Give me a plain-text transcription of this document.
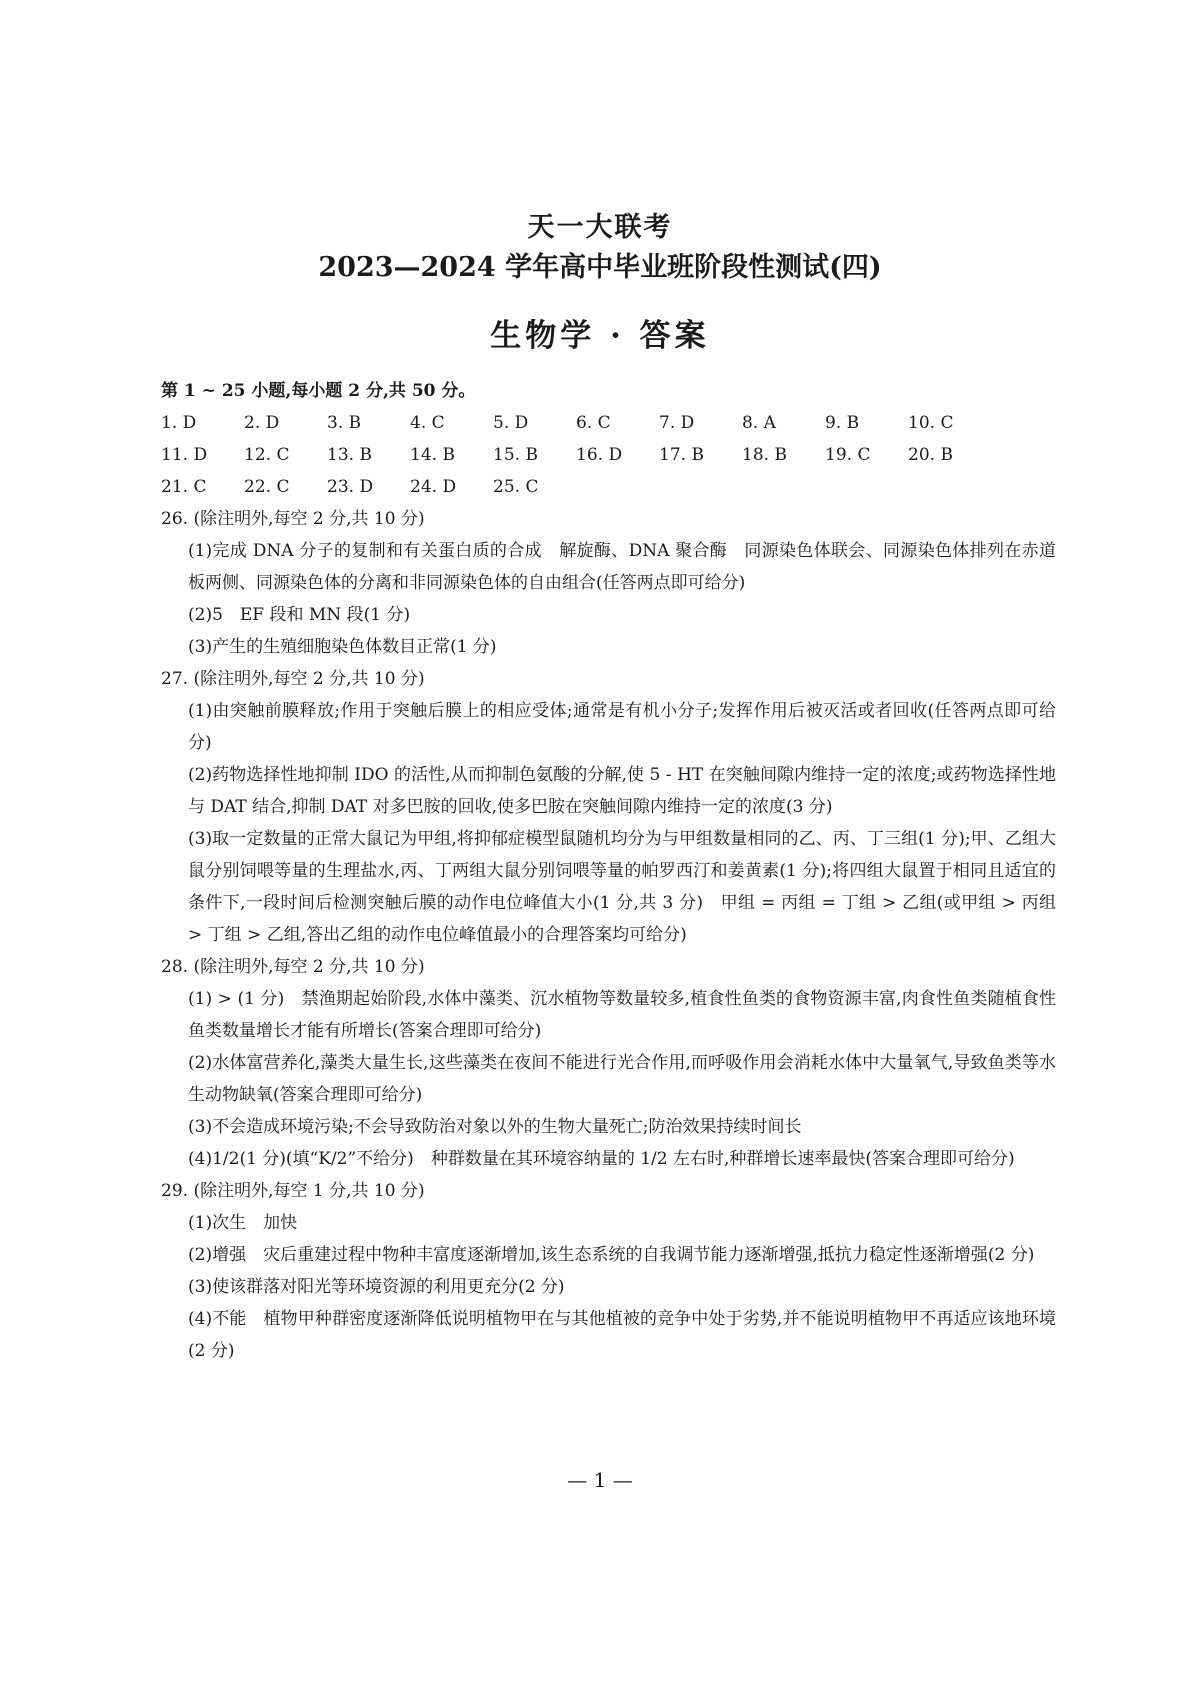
天一大联考
2023—2024 学年高中毕业班阶段性测试(四)
生物学 · 答案
第 1 ~ 25 小题,每小题 2 分,共 50 分。
1. D	2. D	3. B	4. C	5. D	6. C	7. D	8. A	9. B	10. C
11. D	12. C	13. B	14. B	15. B	16. D	17. B	18. B	19. C	20. B
21. C	22. C	23. D	24. D	25. C
26. (除注明外,每空 2 分,共 10 分)
(1)完成 DNA 分子的复制和有关蛋白质的合成　解旋酶、DNA 聚合酶　同源染色体联会、同源染色体排列在赤道板两侧、同源染色体的分离和非同源染色体的自由组合(任答两点即可给分)
(2)5　EF 段和 MN 段(1 分)
(3)产生的生殖细胞染色体数目正常(1 分)
27. (除注明外,每空 2 分,共 10 分)
(1)由突触前膜释放;作用于突触后膜上的相应受体;通常是有机小分子;发挥作用后被灭活或者回收(任答两点即可给分)
(2)药物选择性地抑制 IDO 的活性,从而抑制色氨酸的分解,使 5 - HT 在突触间隙内维持一定的浓度;或药物选择性地与 DAT 结合,抑制 DAT 对多巴胺的回收,使多巴胺在突触间隙内维持一定的浓度(3 分)
(3)取一定数量的正常大鼠记为甲组,将抑郁症模型鼠随机均分为与甲组数量相同的乙、丙、丁三组(1 分);甲、乙组大鼠分别饲喂等量的生理盐水,丙、丁两组大鼠分别饲喂等量的帕罗西汀和姜黄素(1 分);将四组大鼠置于相同且适宜的条件下,一段时间后检测突触后膜的动作电位峰值大小(1 分,共 3 分)　甲组 = 丙组 = 丁组 > 乙组(或甲组 > 丙组 > 丁组 > 乙组,答出乙组的动作电位峰值最小的合理答案均可给分)
28. (除注明外,每空 2 分,共 10 分)
(1) > (1 分)　禁渔期起始阶段,水体中藻类、沉水植物等数量较多,植食性鱼类的食物资源丰富,肉食性鱼类随植食性鱼类数量增长才能有所增长(答案合理即可给分)
(2)水体富营养化,藻类大量生长,这些藻类在夜间不能进行光合作用,而呼吸作用会消耗水体中大量氧气,导致鱼类等水生动物缺氧(答案合理即可给分)
(3)不会造成环境污染;不会导致防治对象以外的生物大量死亡;防治效果持续时间长
(4)1/2(1 分)(填“K/2”不给分)　种群数量在其环境容纳量的 1/2 左右时,种群增长速率最快(答案合理即可给分)
29. (除注明外,每空 1 分,共 10 分)
(1)次生　加快
(2)增强　灾后重建过程中物种丰富度逐渐增加,该生态系统的自我调节能力逐渐增强,抵抗力稳定性逐渐增强(2 分)
(3)使该群落对阳光等环境资源的利用更充分(2 分)
(4)不能　植物甲种群密度逐渐降低说明植物甲在与其他植被的竞争中处于劣势,并不能说明植物甲不再适应该地环境(2 分)
— 1 —
